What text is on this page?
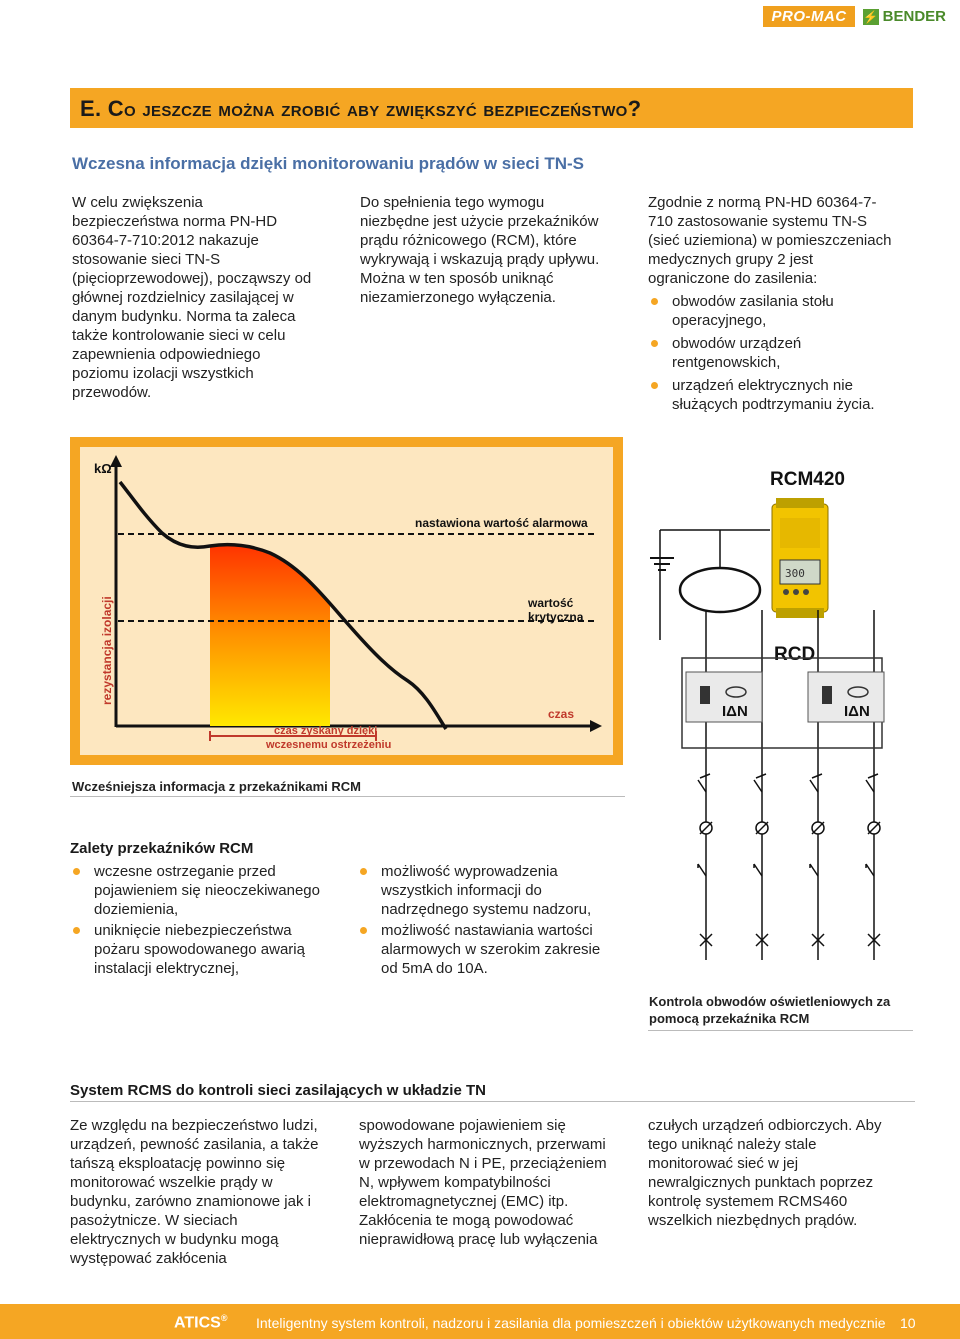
PRO-MAC	⚡ BENDER
E. Co jeszcze można zrobić aby zwiększyć bezpieczeństwo?
Wczesna informacja dzięki monitorowaniu prądów w sieci TN-S

W celu zwiększenia bezpieczeństwa norma PN-HD 60364-7-710:2012 nakazuje stosowanie sieci TN-S (pięcioprzewodowej), począwszy od głównej rozdzielnicy zasilającej w danym budynku. Norma ta zaleca także kontrolowanie sieci w celu zapewnienia odpowiedniego poziomu izolacji wszystkich przewodów.

Do spełnienia tego wymogu niezbędne jest użycie przekaźników prądu różnicowego (RCM), które wykrywają i wskazują prądy upływu. Można w ten sposób uniknąć niezamierzonego wyłączenia.

Zgodnie z normą PN-HD 60364-7-710 zastosowanie systemu TN-S (sieć uziemiona) w pomieszczeniach medycznych grupy 2 jest ograniczone do zasilenia:

obwodów zasilania stołu operacyjnego,

obwodów urządzeń rentgenowskich,

urządzeń elektrycznych nie służących podtrzymaniu życia.

kΩ
nastawiona wartość alarmowa
wartość
krytyczna
rezystancja izolacji
czas
czas zyskany dzięki
wczesnemu ostrzeżeniu
Wcześniejsza informacja z przekaźnikami RCM
RCM420
300
RCD
IΔN	IΔN
Kontrola obwodów oświetleniowych za pomocą przekaźnika RCM
Zalety przekaźników RCM

wczesne ostrzeganie przed pojawieniem się nieoczekiwanego doziemienia,

uniknięcie niebezpieczeństwa pożaru spowodowanego awarią instalacji elektrycznej,

możliwość wyprowadzenia wszystkich informacji do nadrzędnego systemu nadzoru,

możliwość nastawiania wartości alarmowych w szerokim zakresie od 5mA do 10A.

System RCMS do kontroli sieci zasilających w układzie TN

Ze względu na bezpieczeństwo ludzi, urządzeń, pewność zasilania, a także tańszą eksploatację powinno się monitorować wszelkie prądy w budynku, zarówno znamionowe jak i pasożytnicze. W sieciach elektrycznych w budynku mogą występować zakłócenia

spowodowane pojawieniem się wyższych harmonicznych, przerwami w przewodach N i PE, przeciążeniem N, wpływem kompatybilności elektromagnetycznej (EMC) itp. Zakłócenia te mogą powodować nieprawidłową pracę lub wyłączenia

czułych urządzeń odbiorczych. Aby tego uniknąć należy stale monitorować sieć w jej newralgicznych punktach poprzez kontrolę systemem RCMS460 wszelkich niezbędnych prądów.

ATICS® Inteligentny system kontroli, nadzoru i zasilania dla pomieszczeń i obiektów użytkowanych medycznie 10
